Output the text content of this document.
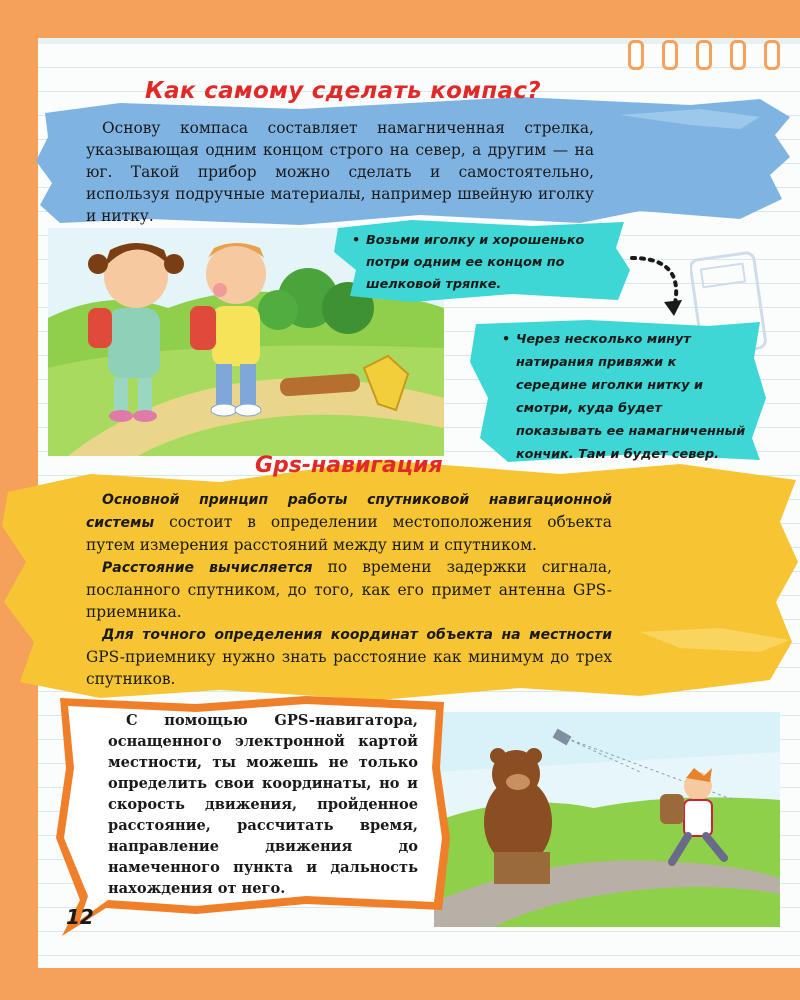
Как самому сделать компас?
Основу компаса составляет намагниченная стрелка, указывающая одним концом строго на север, а другим — на юг. Такой прибор можно сделать и самостоятельно, используя подручные материалы, например швейную иголку и нитку.
• Возьми иголку и хорошенько потри одним ее концом по шелковой тряпке.
• Через несколько минут натирания привяжи к середине иголки нитку и смотри, куда будет показывать ее намагниченный кончик. Там и будет север.
Gps-навигация

Основной принцип работы спутниковой навигационной системы состоит в определении местоположения объекта путем измерения расстояний между ним и спутником.

Расстояние вычисляется по времени задержки сигнала, посланного спутником, до того, как его примет антенна GPS-приемника.

Для точного определения координат объекта на местности GPS-приемнику нужно знать расстояние как минимум до трех спутников.

С помощью GPS-навигатора, оснащенного электронной картой местности, ты можешь не только определить свои координаты, но и скорость движения, пройденное расстояние, рассчитать время, направление движения до намеченного пункта и дальность нахождения от него.
12
